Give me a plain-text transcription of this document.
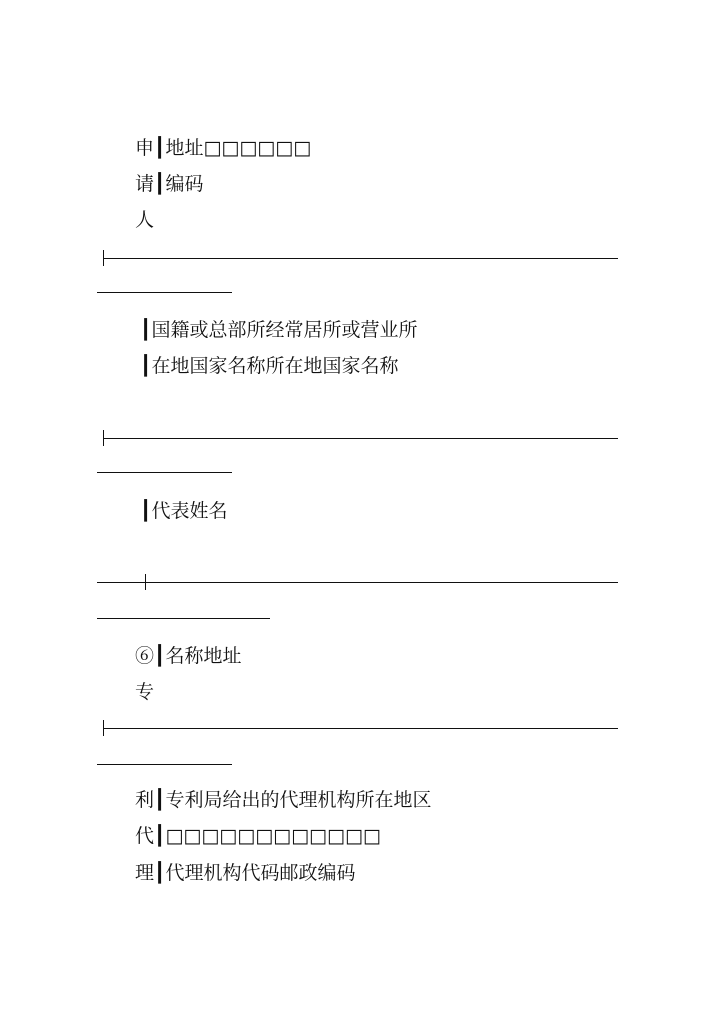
申┃地址□□□□□□
请┃编码
人
┃国籍或总部所经常居所或营业所
┃在地国家名称所在地国家名称
┃代表姓名
⑥┃名称地址
专
利┃专利局给出的代理机构所在地区
代┃□□□□□□□□□□□□
理┃代理机构代码邮政编码
